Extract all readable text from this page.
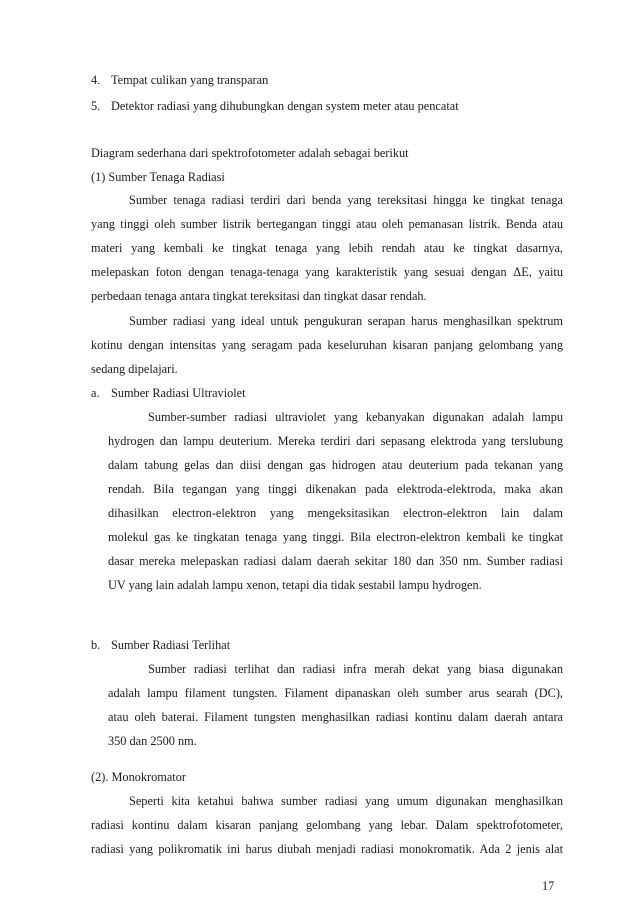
4. Tempat culikan yang transparan
5. Detektor radiasi yang dihubungkan dengan system meter atau pencatat
Diagram sederhana dari spektrofotometer adalah sebagai berikut
(1) Sumber Tenaga Radiasi
Sumber tenaga radiasi terdiri dari benda yang tereksitasi hingga ke tingkat tenaga
yang tinggi oleh sumber listrik bertegangan tinggi atau oleh pemanasan listrik. Benda atau
materi yang kembali ke tingkat tenaga yang lebih rendah atau ke tingkat dasarnya,
melepaskan foton dengan tenaga-tenaga yang karakteristik yang sesuai dengan ΔE, yaitu
perbedaan tenaga antara tingkat tereksitasi dan tingkat dasar rendah.
Sumber radiasi yang ideal untuk pengukuran serapan harus menghasilkan spektrum
kotinu dengan intensitas yang seragam pada keseluruhan kisaran panjang gelombang yang
sedang dipelajari.
a. Sumber Radiasi Ultraviolet
Sumber-sumber radiasi ultraviolet yang kebanyakan digunakan adalah lampu
hydrogen dan lampu deuterium. Mereka terdiri dari sepasang elektroda yang terslubung
dalam tabung gelas dan diisi dengan gas hidrogen atau deuterium pada tekanan yang
rendah. Bila tegangan yang tinggi dikenakan pada elektroda-elektroda, maka akan
dihasilkan electron-elektron yang mengeksitasikan electron-elektron lain dalam
molekul gas ke tingkatan tenaga yang tinggi. Bila electron-elektron kembali ke tingkat
dasar mereka melepaskan radiasi dalam daerah sekitar 180 dan 350 nm. Sumber radiasi
UV yang lain adalah lampu xenon, tetapi dia tidak sestabil lampu hydrogen.
b. Sumber Radiasi Terlihat
Sumber radiasi terlihat dan radiasi infra merah dekat yang biasa digunakan
adalah lampu filament tungsten. Filament dipanaskan oleh sumber arus searah (DC),
atau oleh baterai. Filament tungsten menghasilkan radiasi kontinu dalam daerah antara
350 dan 2500 nm.
(2). Monokromator
Seperti kita ketahui bahwa sumber radiasi yang umum digunakan menghasilkan
radiasi kontinu dalam kisaran panjang gelombang yang lebar. Dalam spektrofotometer,
radiasi yang polikromatik ini harus diubah menjadi radiasi monokromatik. Ada 2 jenis alat
17
